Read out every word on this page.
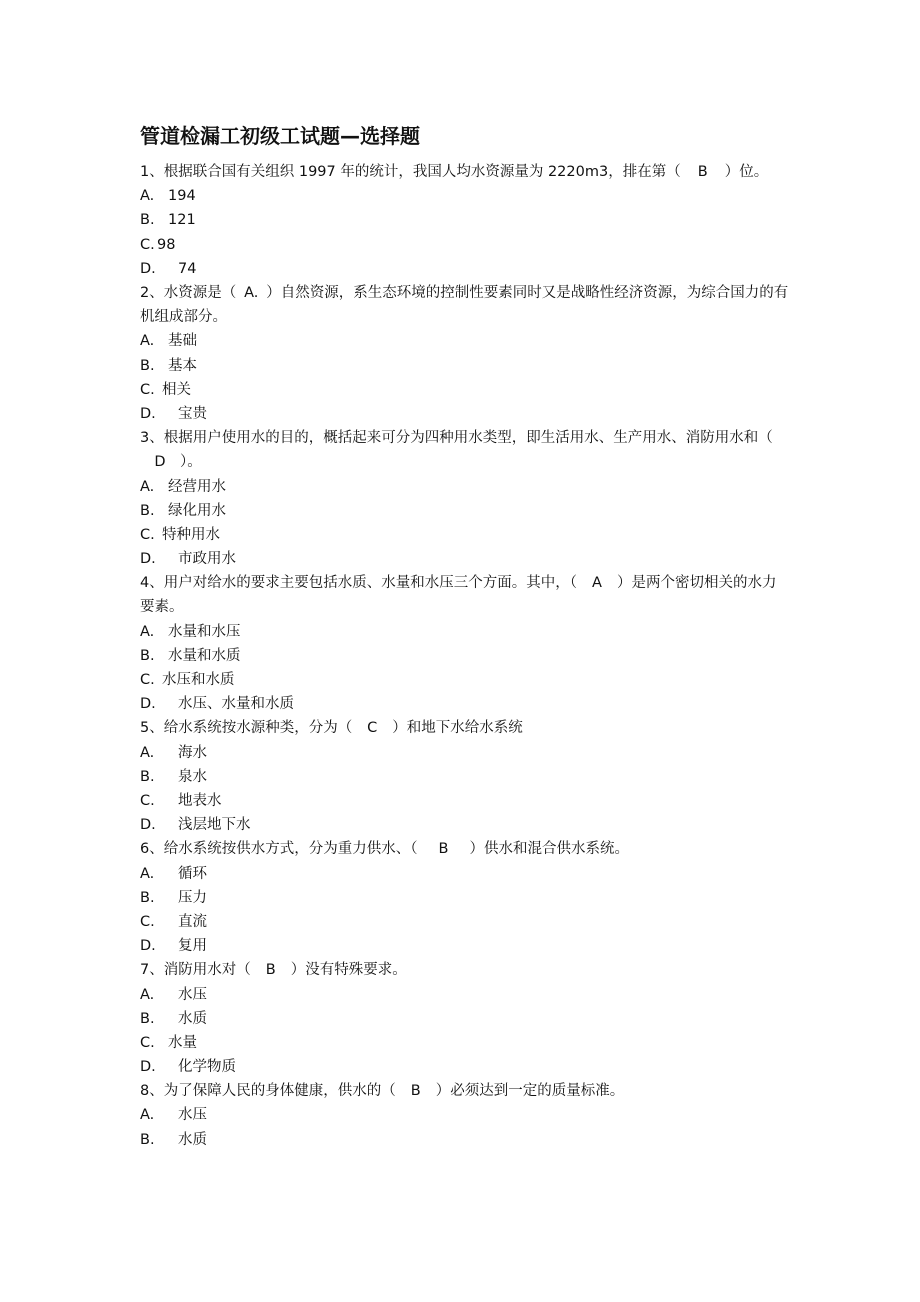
管道检漏工初级工试题—选择题
1、根据联合国有关组织 1997 年的统计，我国人均水资源量为 2220m3，排在第（ B ）位。
A. 194
B. 121
C. 98
D.	74
2、水资源是（ A. ）自然资源，系生态环境的控制性要素同时又是战略性经济资源，为综合国力的有机组成部分。
A. 基础
B. 基本
C. 相关
D.	宝贵
3、根据用户使用水的目的，概括起来可分为四种用水类型，即生活用水、生产用水、消防用水和（D ）。
A. 经营用水
B. 绿化用水
C. 特种用水
D.	市政用水
4、用户对给水的要求主要包括水质、水量和水压三个方面。其中，（ A ）是两个密切相关的水力要素。
A. 水量和水压
B. 水量和水质
C. 水压和水质
D.	水压、水量和水质
5、给水系统按水源种类，分为（ C ）和地下水给水系统
A.	海水
B.	泉水
C.	地表水
D.	浅层地下水
6、给水系统按供水方式，分为重力供水、（ B ）供水和混合供水系统。
A.	循环
B.	压力
C.	直流
D.	复用
7、消防用水对（ B ）没有特殊要求。
A.	水压
B.	水质
C. 水量
D.	化学物质
8、为了保障人民的身体健康，供水的（ B ）必须达到一定的质量标准。
A.	水压
B.	水质
